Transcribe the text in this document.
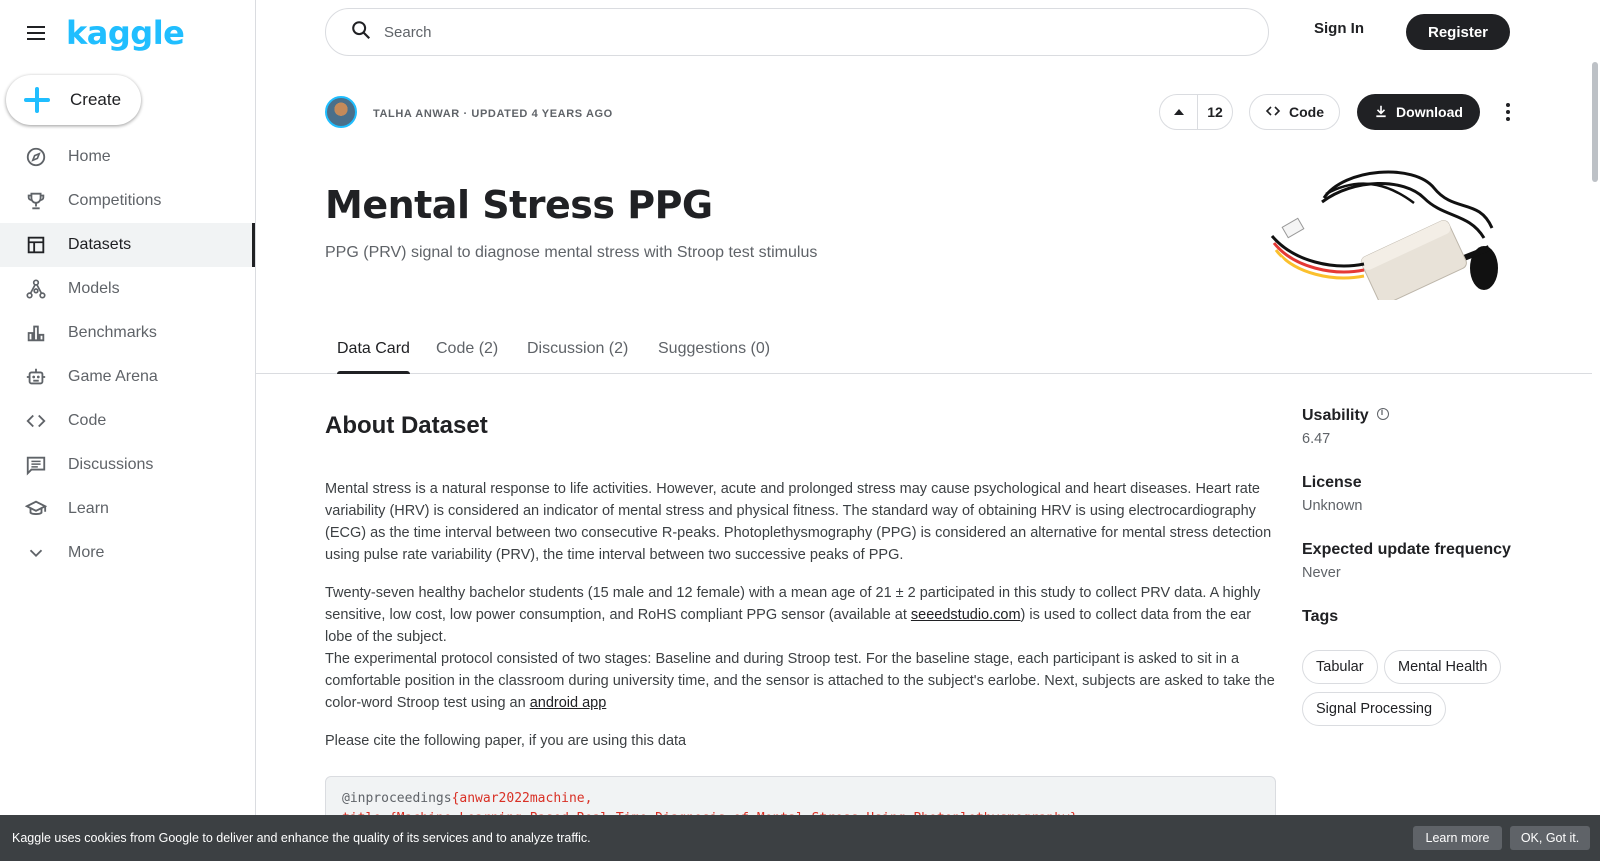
kaggle
Create
Home
Competitions
Datasets
Models
Benchmarks
Game Arena
Code
Discussions
Learn
More
Search
Sign In	Register
TALHA ANWAR · UPDATED 4 YEARS AGO	12	Code	Download
Mental Stress PPG
PPG (PRV) signal to diagnose mental stress with Stroop test stimulus
Data Card Code (2) Discussion (2) Suggestions (0)
About Dataset

Mental stress is a natural response to life activities. However, acute and prolonged stress may cause psychological and heart diseases. Heart rate variability (HRV) is considered an indicator of mental stress and physical fitness. The standard way of obtaining HRV is using electrocardiography (ECG) as the time interval between two consecutive R-peaks. Photoplethysmography (PPG) is considered an alternative for mental stress detection using pulse rate variability (PRV), the time interval between two successive peaks of PPG.

Twenty-seven healthy bachelor students (15 male and 12 female) with a mean age of 21 ± 2 participated in this study to collect PRV data. A highly sensitive, low cost, low power consumption, and RoHS compliant PPG sensor (available at seeedstudio.com) is used to collect data from the ear lobe of the subject.

The experimental protocol consisted of two stages: Baseline and during Stroop test. For the baseline stage, each participant is asked to sit in a comfortable position in the classroom during university time, and the sensor is attached to the subject's earlobe. Next, subjects are asked to take the color-word Stroop test using an android app

Please cite the following paper, if you are using this data

@inproceedings{anwar2022machine,
Usabilityi
6.47
License
Unknown
Expected update frequency
Never
Tags
Tabular	Mental Health
Signal Processing
Kaggle uses cookies from Google to deliver and enhance the quality of its services and to analyze traffic.	Learn more	OK, Got it.
